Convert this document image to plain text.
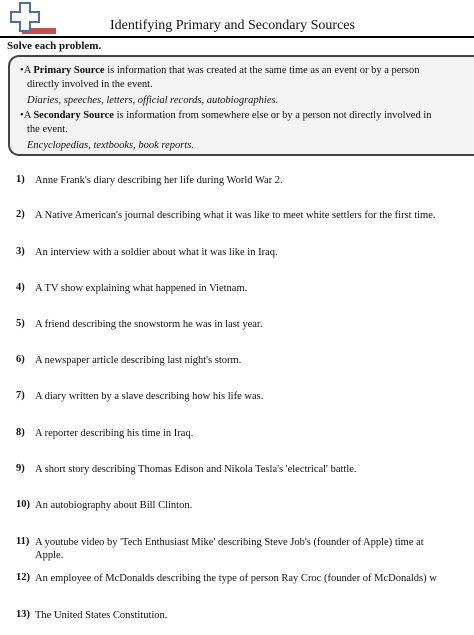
Identifying Primary and Secondary Sources
Solve each problem.
•A Primary Source is information that was created at the same time as an event or by a person
directly involved in the event.
Diaries, speeches, letters, official records, autobiographies.
•A Secondary Source is information from somewhere else or by a person not directly involved in
the event.
Encyclopedias, textbooks, book reports.
1) Anne Frank's diary describing her life during World War 2.
2) A Native American's journal describing what it was like to meet white settlers for the first time.
3) An interview with a soldier about what it was like in Iraq.
4) A TV show explaining what happened in Vietnam.
5) A friend describing the snowstorm he was in last year.
6) A newspaper article describing last night's storm.
7) A diary written by a slave describing how his life was.
8) A reporter describing his time in Iraq.
9) A short story describing Thomas Edison and Nikola Tesla's 'electrical' battle.
10) An autobiography about Bill Clinton.
11) A youtube video by 'Tech Enthusiast Mike' describing Steve Job's (founder of Apple) time at
Apple.
12) An employee of McDonalds describing the type of person Ray Croc (founder of McDonalds) w
13) The United States Constitution.
